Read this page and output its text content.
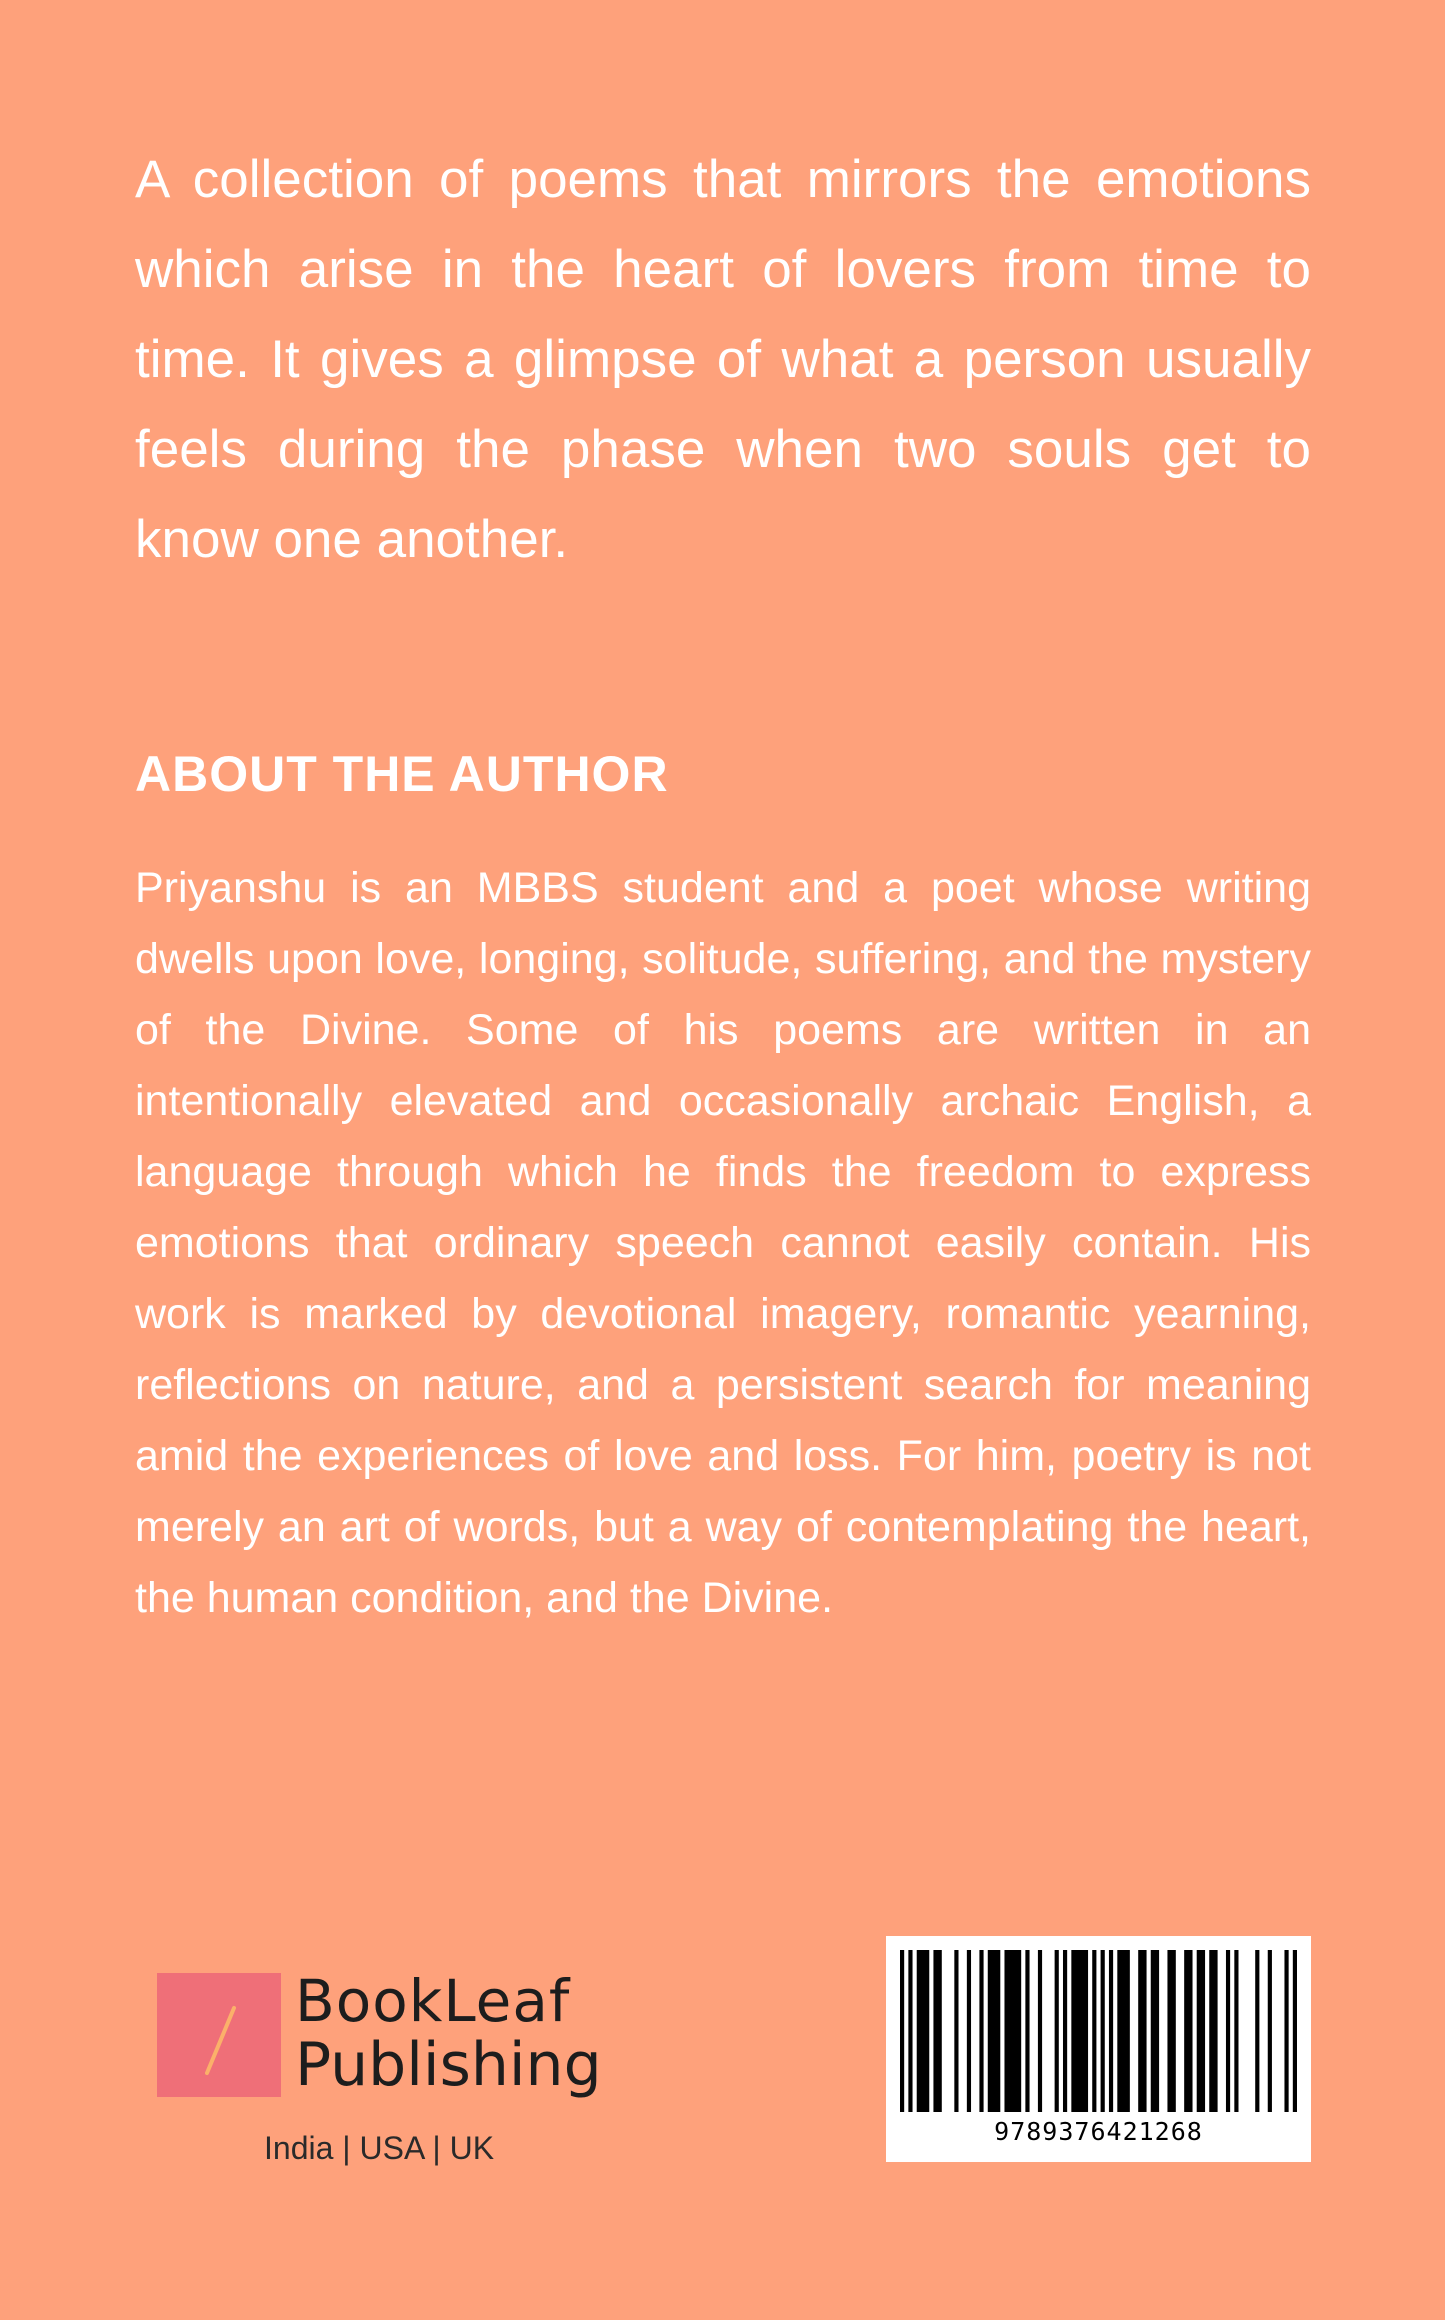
A collection of poems that mirrors the emotions which arise in the heart of lovers from time to time. It gives a glimpse of what a person usually feels during the phase when two souls get to know one another.

ABOUT THE AUTHOR

Priyanshu is an MBBS student and a poet whose writing dwells upon love, longing, solitude, suffering, and the mystery of the Divine. Some of his poems are written in an intentionally elevated and occasionally archaic English, a language through which he finds the freedom to express emotions that ordinary speech cannot easily contain. His work is marked by devotional imagery, romantic yearning, reflections on nature, and a persistent search for meaning amid the experiences of love and loss. For him, poetry is not merely an art of words, but a way of contemplating the heart, the human condition, and the Divine.

BookLeaf
Publishing
India | USA | UK	9789376421268
